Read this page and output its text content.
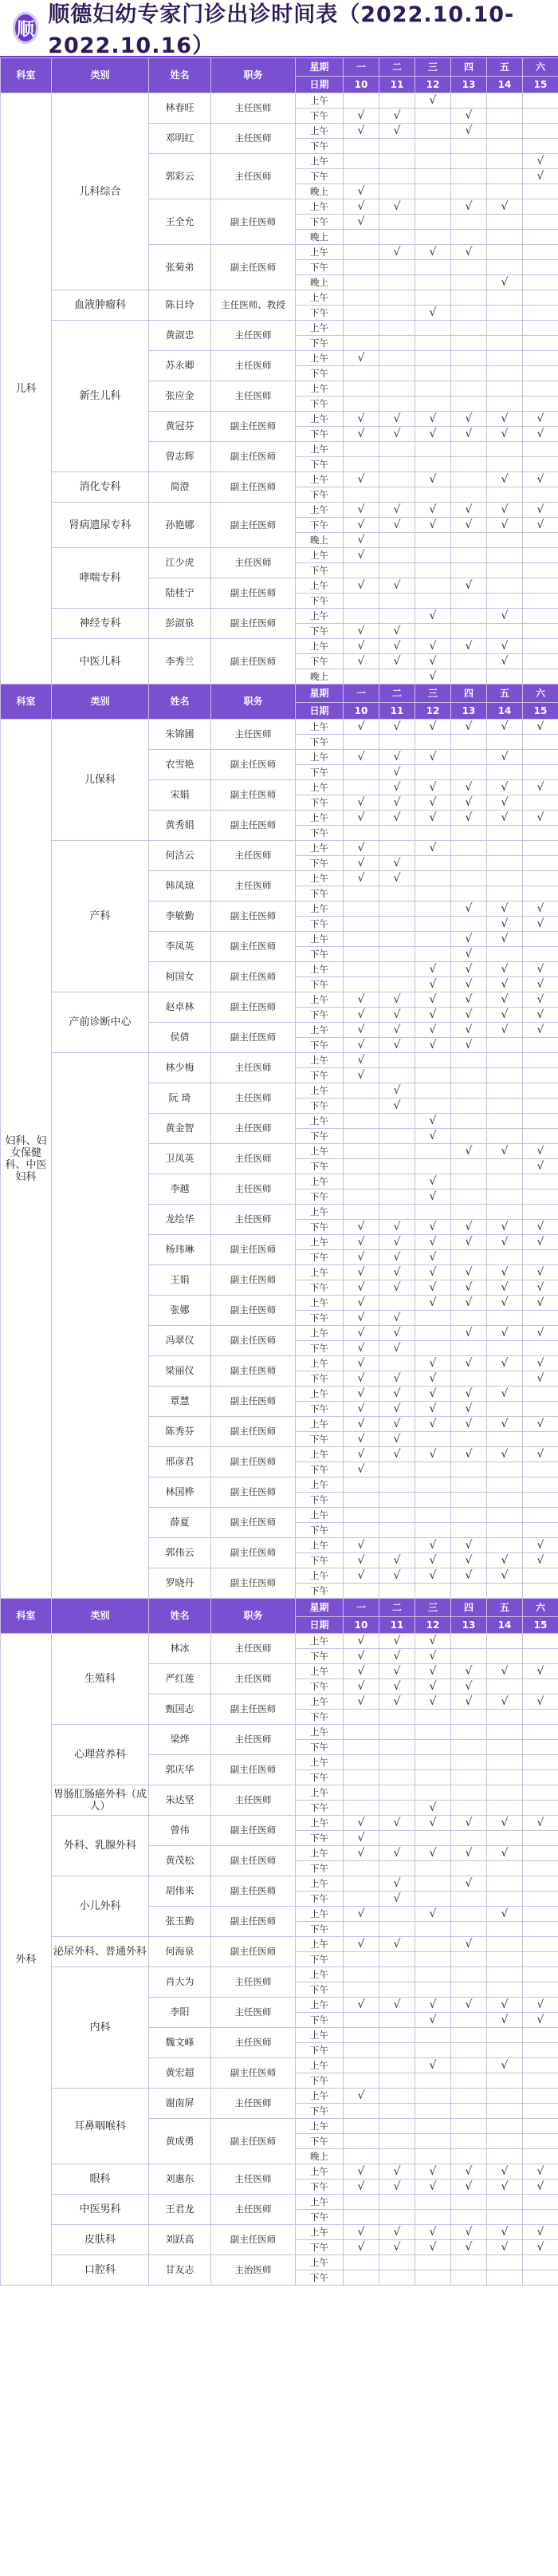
顺
顺德妇幼专家门诊出诊时间表（2022.10.10-2022.10.16）
科室	类别	姓名	职务	星期	一	二	三	四	五	六	
				日期	10	11	12	13	14	15	
儿科	儿科综合	林春旺	主任医师	上午			√				
				下午	√	√		√			
		邓明红	主任医师	上午	√	√		√			
				下午							
		郭彩云	主任医师	上午						√	
				下午						√	
				晚上	√						
		王全允	副主任医师	上午	√	√		√	√		
				下午	√						
				晚上							
		张菊弟	副主任医师	上午		√	√	√			
				下午							
				晚上					√		
	血液肿瘤科	陈日玲	主任医师、教授	上午							
				下午			√				
	新生儿科	黄淑忠	主任医师	上午							
				下午							
		苏永卿	主任医师	上午	√						
				下午							
		张应金	主任医师	上午							
				下午							
		黄冠芬	副主任医师	上午	√	√	√	√	√	√	
				下午	√	√	√	√	√	√	
		曾志辉	副主任医师	上午							
				下午							
	消化专科	简澄	副主任医师	上午	√		√		√	√	
				下午							
	肾病遗尿专科	孙艳娜	副主任医师	上午	√	√	√	√	√	√	
				下午	√	√	√	√	√	√	
				晚上	√						
	哮喘专科	江少虎	主任医师	上午	√						
				下午							
		陆桂宁	副主任医师	上午	√	√		√			
				下午							
	神经专科	彭淑泉	副主任医师	上午			√		√		
				下午	√	√					
	中医儿科	李秀兰	副主任医师	上午	√	√	√	√	√		
				下午	√	√	√		√		
				晚上			√				
科室	类别	姓名	职务	星期	一	二	三	四	五	六	
				日期	10	11	12	13	14	15	
妇科、妇女保健科、中医妇科	儿保科	朱锦圃	主任医师	上午	√	√	√	√	√	√	
				下午							
		农雪艳	副主任医师	上午	√	√	√		√		
				下午		√					
		宋娟	副主任医师	上午		√	√	√	√	√	
				下午	√	√	√	√	√		
		黄秀娟	副主任医师	上午	√	√	√	√	√	√	
				下午							
	产科	何洁云	主任医师	上午	√		√				
				下午	√	√					
		韩凤琼	主任医师	上午	√	√					
				下午							
		李敏勤	副主任医师	上午				√	√	√	
				下午					√	√	
		李凤英	副主任医师	上午				√	√		
				下午				√			
		柯国女	副主任医师	上午			√	√	√	√	
				下午			√	√	√	√	
	产前诊断中心	赵卓林	副主任医师	上午	√	√	√	√	√	√	
				下午	√	√	√	√	√	√	
		侯倩	副主任医师	上午	√	√	√	√	√	√	
				下午	√	√	√	√			
		林少梅	主任医师	上午	√						
				下午	√						
		阮 琦	主任医师	上午		√					
				下午		√					
		黄金智	主任医师	上午			√				
				下午			√				
		卫凤英	主任医师	上午				√	√	√	
				下午						√	
		李越	主任医师	上午			√				
				下午			√				
		龙绘华	主任医师	上午							
				下午	√	√	√	√	√	√	
		杨玮琳	副主任医师	上午	√	√	√	√	√	√	
				下午	√	√	√				
		王娟	副主任医师	上午	√	√	√	√	√	√	
				下午	√	√	√	√	√	√	
		张娜	副主任医师	上午	√		√	√	√	√	
				下午	√	√					
		冯翠仪	副主任医师	上午	√	√		√	√	√	
				下午	√	√					
		梁丽仪	副主任医师	上午	√		√	√	√	√	
				下午	√	√	√			√	
		覃慧	副主任医师	上午	√	√	√	√	√		
				下午	√	√	√	√			
		陈秀芬	副主任医师	上午	√	√	√	√	√	√	
				下午	√	√					
		邢彦君	副主任医师	上午	√	√	√	√	√	√	
				下午	√						
		林国桦	副主任医师	上午							
				下午							
		薛夏	副主任医师	上午							
				下午							
		郭伟云	副主任医师	上午	√		√	√		√	
				下午	√	√	√	√	√	√	
		罗晓丹	副主任医师	上午	√	√	√	√	√		
				下午							
科室	类别	姓名	职务	星期	一	二	三	四	五	六	
				日期	10	11	12	13	14	15	
外科	生殖科	林冰	主任医师	上午	√	√	√				
				下午	√	√	√				
		严红莲	主任医师	上午	√	√	√	√	√	√	
				下午	√	√	√	√			
		甄国志	副主任医师	上午	√	√	√	√	√	√	
				下午							
	心理营养科	梁烨	主任医师	上午							
				下午							
		郭庆华	副主任医师	上午							
				下午							
	胃肠肛肠癌外科（成人）	朱达坚	主任医师	上午							
				下午			√				
	外科、乳腺外科	曾伟	副主任医师	上午	√	√	√	√	√	√	
				下午	√						
		黄茂松	副主任医师	上午	√	√	√	√	√		
				下午							
	小儿外科	胡伟来	副主任医师	上午		√		√			
				下午		√					
		张玉勤	副主任医师	上午	√		√		√		
				下午							
	泌尿外科、普通外科	何海泉	副主任医师	上午	√	√		√			
				下午							
	内科	肖大为	主任医师	上午							
				下午							
		李阳	主任医师	上午	√	√	√	√	√	√	
				下午			√		√	√	
		魏文峰	主任医师	上午							
				下午							
		黄宏超	副主任医师	上午			√		√		
				下午							
	耳鼻咽喉科	谢南屏	主任医师	上午	√						
				下午							
		黄成勇	副主任医师	上午							
				下午							
				晚上							
	眼科	刘惠东	主任医师	上午	√	√	√	√	√	√	
				下午	√	√	√	√	√	√	
	中医男科	王君龙	主任医师	上午							
				下午							
	皮肤科	刘跃高	副主任医师	上午	√	√	√	√	√	√	
				下午	√	√	√	√	√	√	
	口腔科	甘友志	主治医师	上午							
				下午							
